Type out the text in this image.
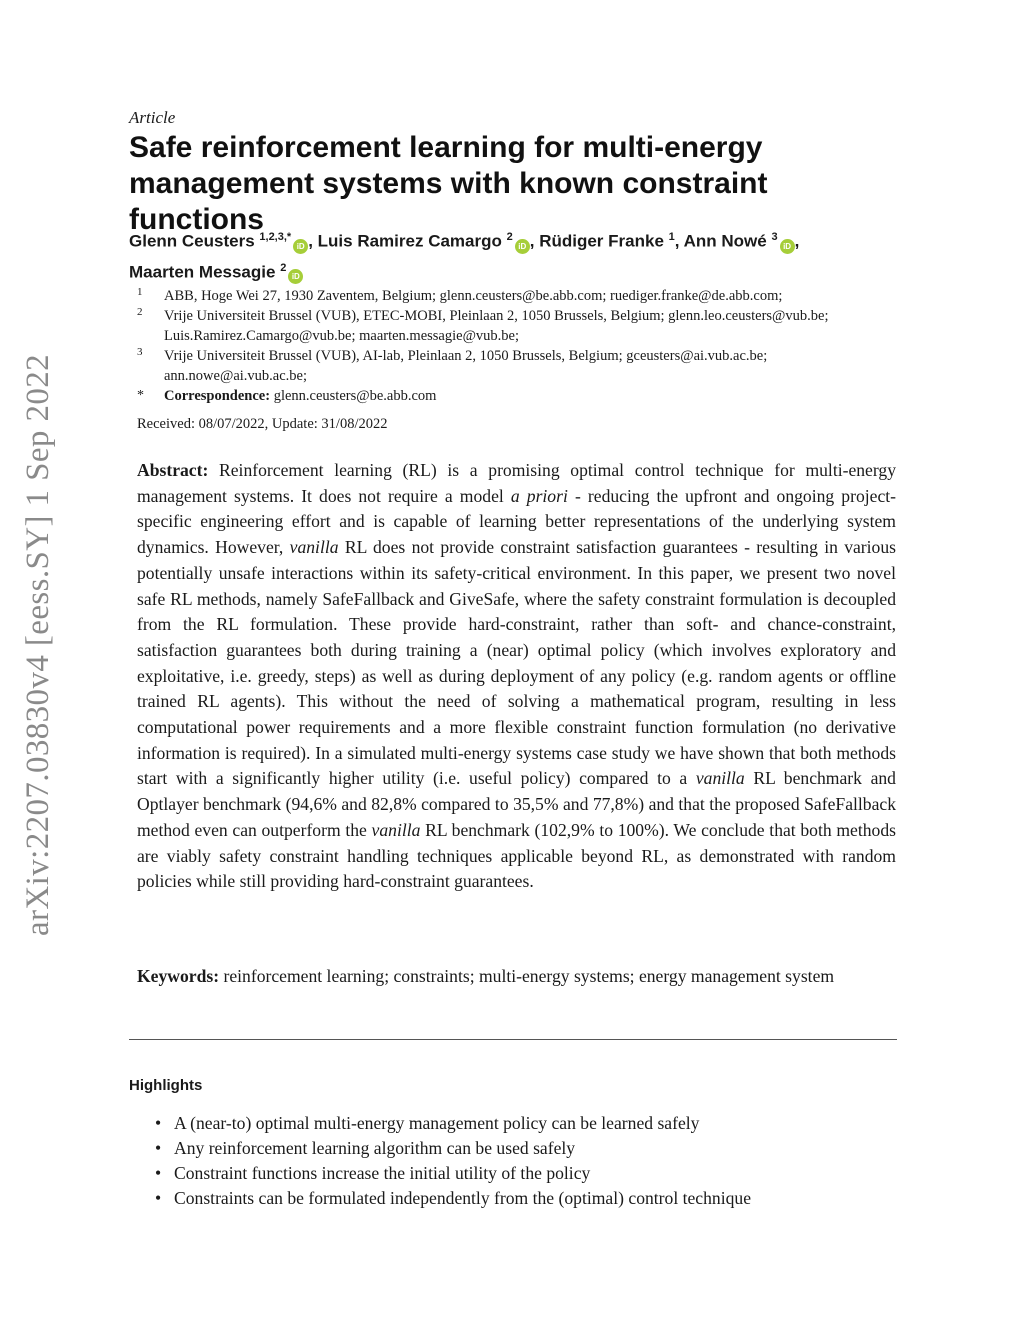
arXiv:2207.03830v4 [eess.SY] 1 Sep 2022
Article
Safe reinforcement learning for multi-energy management systems with known constraint functions
Glenn Ceusters $^{1,2,3,*}$iD , Luis Ramirez Camargo $^2$iD , Rüdiger Franke $^1$, Ann Nowé $^3$iD ,
Maarten Messagie $^2$iD
1 ABB, Hoge Wei 27, 1930 Zaventem, Belgium; glenn.ceusters@be.abb.com; ruediger.franke@de.abb.com;
2 Vrije Universiteit Brussel (VUB), ETEC-MOBI, Pleinlaan 2, 1050 Brussels, Belgium; glenn.leo.ceusters@vub.be; Luis.Ramirez.Camargo@vub.be; maarten.messagie@vub.be;
3 Vrije Universiteit Brussel (VUB), AI-lab, Pleinlaan 2, 1050 Brussels, Belgium; gceusters@ai.vub.ac.be; ann.nowe@ai.vub.ac.be;
* Correspondence: glenn.ceusters@be.abb.com
Received: 08/07/2022, Update: 31/08/2022

Abstract: Reinforcement learning (RL) is a promising optimal control technique for multi-energy management systems. It does not require a model a priori - reducing the upfront and ongoing project-specific engineering effort and is capable of learning better representations of the underlying system dynamics. However, vanilla RL does not provide constraint satisfaction guarantees - resulting in various potentially unsafe interactions within its safety-critical environment. In this paper, we present two novel safe RL methods, namely SafeFallback and GiveSafe, where the safety constraint formulation is decoupled from the RL formulation. These provide hard-constraint, rather than soft- and chance-constraint, satisfaction guarantees both during training a (near) optimal policy (which involves exploratory and exploitative, i.e. greedy, steps) as well as during deployment of any policy (e.g. random agents or offline trained RL agents). This without the need of solving a mathematical program, resulting in less computational power requirements and a more flexible constraint function formulation (no derivative information is required). In a simulated multi-energy systems case study we have shown that both methods start with a significantly higher utility (i.e. useful policy) compared to a vanilla RL benchmark and Optlayer benchmark (94,6% and 82,8% compared to 35,5% and 77,8%) and that the proposed SafeFallback method even can outperform the vanilla RL benchmark (102,9% to 100%). We conclude that both methods are viably safety constraint handling techniques applicable beyond RL, as demonstrated with random policies while still providing hard-constraint guarantees.

Keywords: reinforcement learning; constraints; multi-energy systems; energy management system

Highlights
• A (near-to) optimal multi-energy management policy can be learned safely
• Any reinforcement learning algorithm can be used safely
• Constraint functions increase the initial utility of the policy
• Constraints can be formulated independently from the (optimal) control technique
